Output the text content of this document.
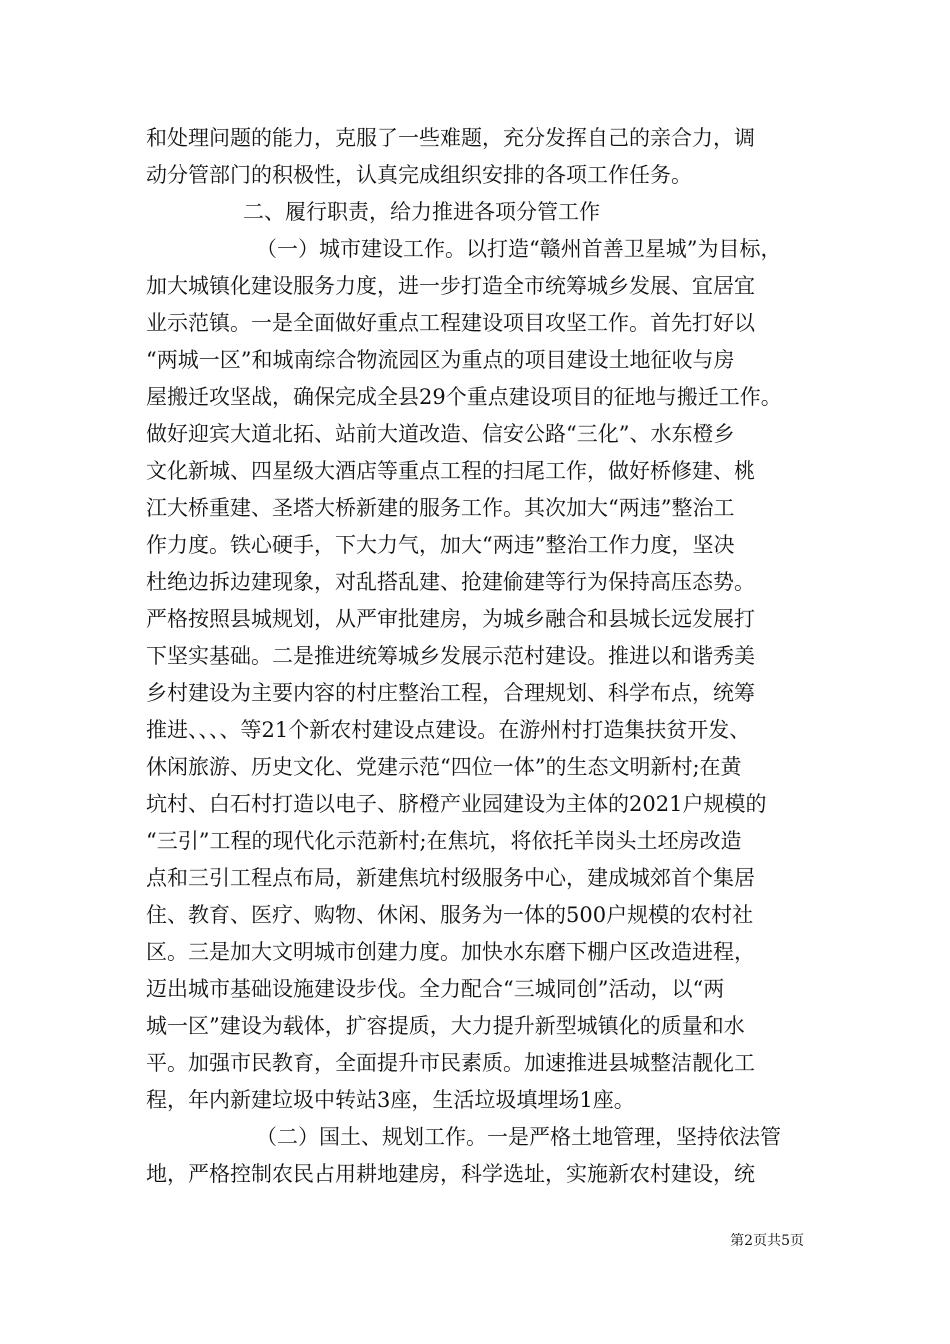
和处理问题的能力，克服了一些难题，充分发挥自己的亲合力，调
动分管部门的积极性，认真完成组织安排的各项工作任务。
二、履行职责，给力推进各项分管工作
（一）城市建设工作。以打造“赣州首善卫星城”为目标，
加大城镇化建设服务力度，进一步打造全市统筹城乡发展、宜居宜
业示范镇。一是全面做好重点工程建设项目攻坚工作。首先打好以
“两城一区”和城南综合物流园区为重点的项目建设土地征收与房
屋搬迁攻坚战，确保完成全县29个重点建设项目的征地与搬迁工作。
做好迎宾大道北拓、站前大道改造、信安公路“三化”、水东橙乡
文化新城、四星级大酒店等重点工程的扫尾工作，做好桥修建、桃
江大桥重建、圣塔大桥新建的服务工作。其次加大“两违”整治工
作力度。铁心硬手，下大力气，加大“两违”整治工作力度，坚决
杜绝边拆边建现象，对乱搭乱建、抢建偷建等行为保持高压态势。
严格按照县城规划，从严审批建房，为城乡融合和县城长远发展打
下坚实基础。二是推进统筹城乡发展示范村建设。推进以和谐秀美
乡村建设为主要内容的村庄整治工程，合理规划、科学布点，统筹
推进、、、、等21个新农村建设点建设。在游州村打造集扶贫开发、
休闲旅游、历史文化、党建示范“四位一体”的生态文明新村;在黄
坑村、白石村打造以电子、脐橙产业园建设为主体的2021户规模的
“三引”工程的现代化示范新村;在焦坑，将依托羊岗头土坯房改造
点和三引工程点布局，新建焦坑村级服务中心，建成城郊首个集居
住、教育、医疗、购物、休闲、服务为一体的500户规模的农村社
区。三是加大文明城市创建力度。加快水东磨下棚户区改造进程，
迈出城市基础设施建设步伐。全力配合“三城同创”活动，以“两
城一区”建设为载体，扩容提质，大力提升新型城镇化的质量和水
平。加强市民教育，全面提升市民素质。加速推进县城整洁靓化工
程，年内新建垃圾中转站3座，生活垃圾填埋场1座。
（二）国土、规划工作。一是严格土地管理，坚持依法管
地，严格控制农民占用耕地建房，科学选址，实施新农村建设，统
第2页共5页
